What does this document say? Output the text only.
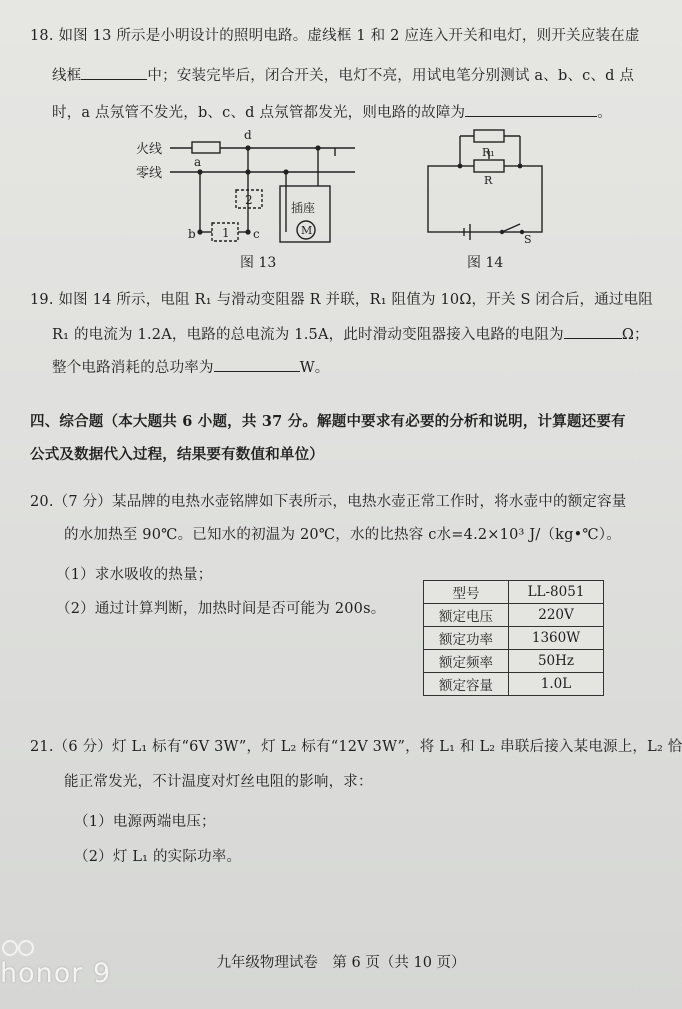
18. 如图 13 所示是小明设计的照明电路。虚线框 1 和 2 应连入开关和电灯，则开关应装在虚
线框	中；安装完毕后，闭合开关，电灯不亮，用试电笔分别测试 a、b、c、d 点
时，a 点氖管不发光，b、c、d 点氖管都发光，则电路的故障为	。
火线
零线
a
d
b	c
1
2
插座
M
图 13
R₁
R
S
图 14
19. 如图 14 所示，电阻 R₁ 与滑动变阻器 R 并联，R₁ 阻值为 10Ω，开关 S 闭合后，通过电阻
R₁ 的电流为 1.2A，电路的总电流为 1.5A，此时滑动变阻器接入电路的电阻为	Ω；
整个电路消耗的总功率为	W。
四、综合题（本大题共 6 小题，共 37 分。解题中要求有必要的分析和说明，计算题还要有
公式及数据代入过程，结果要有数值和单位）
20.（7 分）某品牌的电热水壶铭牌如下表所示，电热水壶正常工作时，将水壶中的额定容量
的水加热至 90℃。已知水的初温为 20℃，水的比热容 c水=4.2×10³ J/（kg•℃）。
（1）求水吸收的热量；
（2）通过计算判断，加热时间是否可能为 200s。
型号	LL-8051
额定电压	220V
额定功率	1360W
额定频率	50Hz
额定容量	1.0L
21.（6 分）灯 L₁ 标有“6V 3W”，灯 L₂ 标有“12V 3W”，将 L₁ 和 L₂ 串联后接入某电源上，L₂ 恰
能正常发光，不计温度对灯丝电阻的影响，求：
（1）电源两端电压；
（2）灯 L₁ 的实际功率。
九年级物理试卷　第 6 页（共 10 页）
honor 9
